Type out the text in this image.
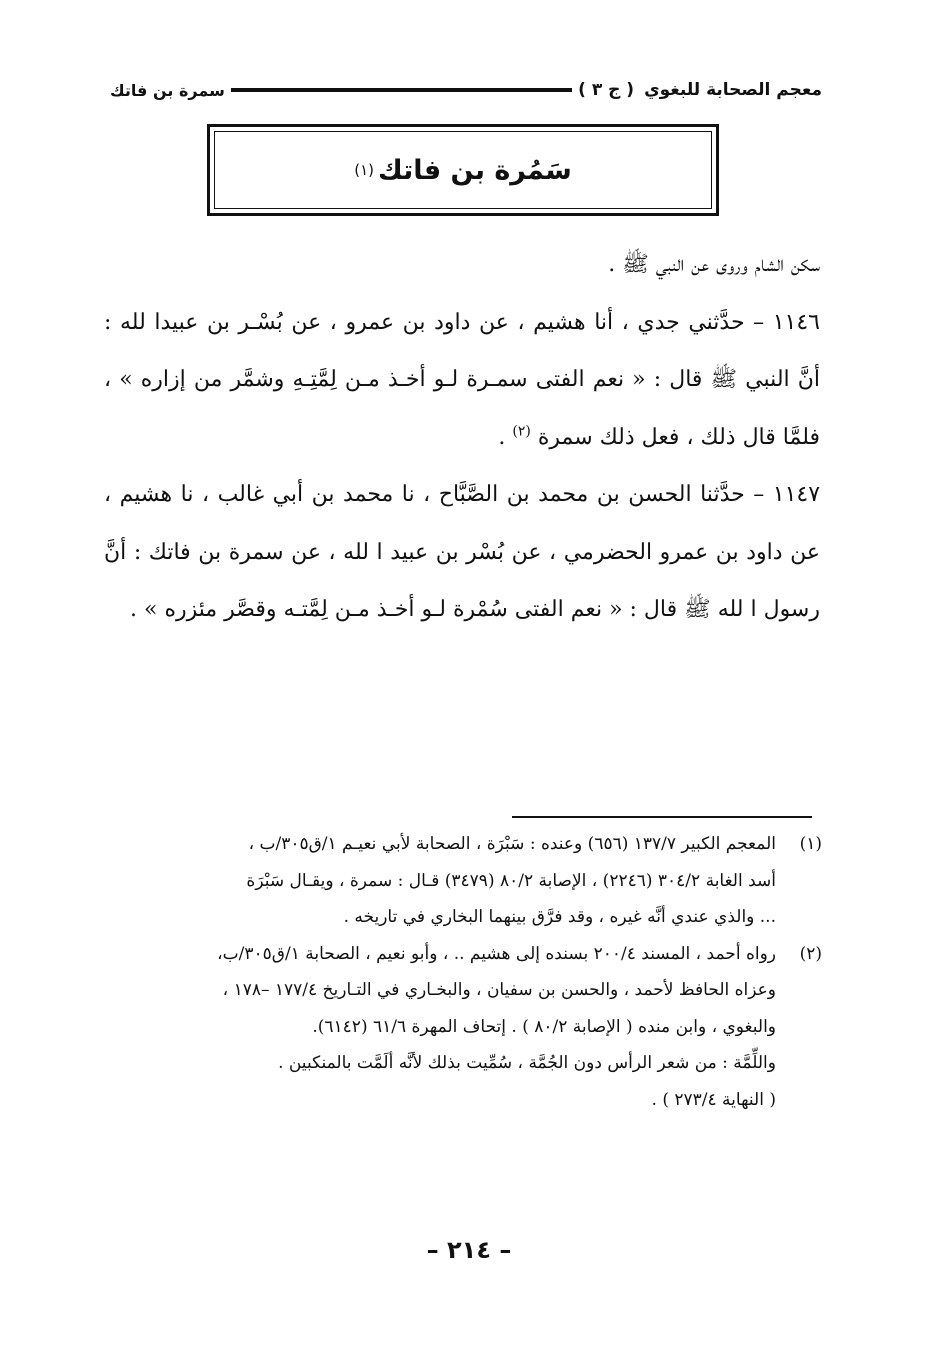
معجم الصحابة للبغوي
( ج ٣ )
سمرة بن فاتك
سَمُرة بن فاتك
(١)

سكن الشام وروى عن النبي ﷺ .

١١٤٦ – حدَّثني جدي ، أنا هشيم ، عن داود بن عمرو ، عن بُسْـر بن عبيدا لله : أنَّ النبي ﷺ قال : « نعم الفتى سمـرة لـو أخـذ مـن لِمَّتِـهِ وشمَّر من إزاره » ، فلمَّا قال ذلك ، فعل ذلك سمرة $^{(٢)}$ .

١١٤٧ – حدَّثنا الحسن بن محمد بن الصَّبَّاح ، نا محمد بن أبي غالب ، نا هشيم ، عن داود بن عمرو الحضرمي ، عن بُسْر بن عبيد ا لله ، عن سمرة بن فاتك : أنَّ رسول ا لله ﷺ قال : « نعم الفتى سُمْرة لـو أخـذ مـن لِمَّتـه وقصَّر مئزره » .

(١)
المعجم الكبير ١٣٧/٧ (٦٥٦) وعنده : سَبْرَة ، الصحابة لأبي نعيـم ١/ق٣٠٥/ب ،
أسد الغابة ٣٠٤/٢ (٢٢٤٦) ، الإصابة ٨٠/٢ (٣٤٧٩) قـال : سمرة ، ويقـال سَبْرَة
... والذي عندي أنَّه غيره ، وقد فرَّق بينهما البخاري في تاريخه .
(٢)
رواه أحمد ، المسند ٢٠٠/٤ بسنده إلى هشيم .. ، وأبو نعيم ، الصحابة ١/ق٣٠٥/ب،
وعزاه الحافظ لأحمد ، والحسن بن سفيان ، والبخـاري في التـاريخ ١٧٧/٤ –١٧٨ ،
والبغوي ، وابن منده ( الإصابة ٨٠/٢ ) . إتحاف المهرة ٦١/٦ (٦١٤٢).
واللِّمَّة : من شعر الرأس دون الجُمَّة ، سُمِّيت بذلك لأنَّه ألَمَّت بالمنكبين .
( النهاية ٢٧٣/٤ ) .
– ٢١٤ –
